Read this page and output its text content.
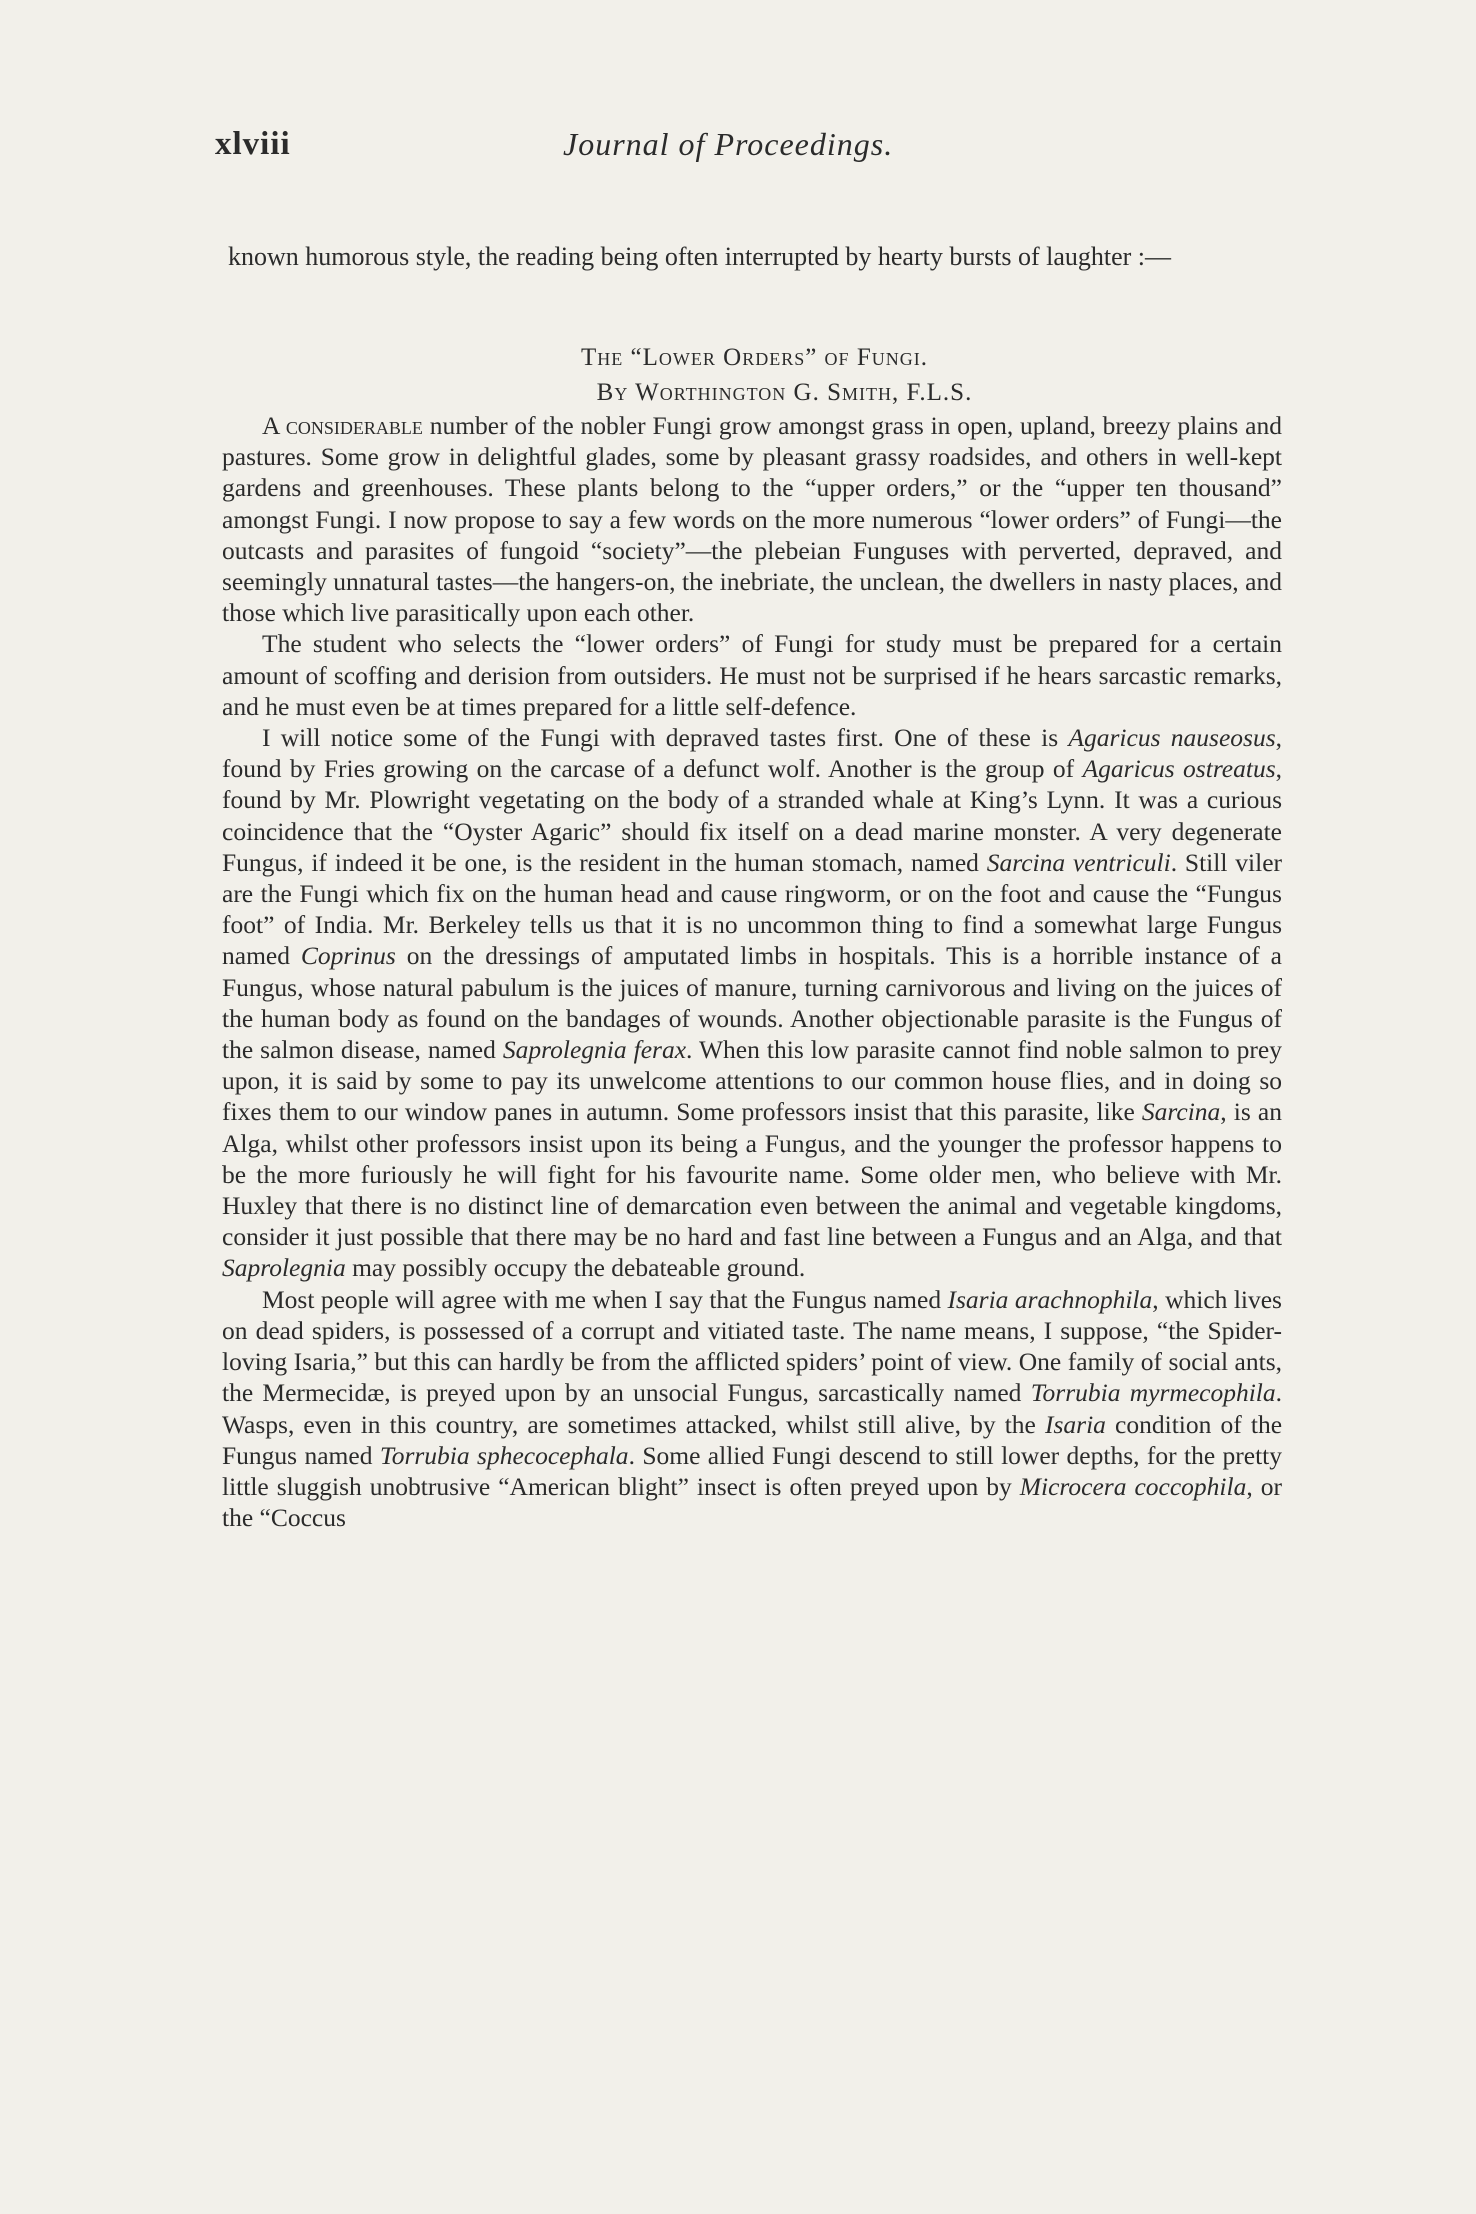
xlviii	Journal of Proceedings.
known humorous style, the reading being often interrupted by hearty bursts of laughter :—
The “Lower Orders” of Fungi.
By Worthington G. Smith, F.L.S.

A considerable number of the nobler Fungi grow amongst grass in open, upland, breezy plains and pastures. Some grow in delightful glades, some by pleasant grassy roadsides, and others in well-kept gardens and greenhouses. These plants belong to the “upper orders,” or the “upper ten thousand” amongst Fungi. I now propose to say a few words on the more numerous “lower orders” of Fungi—the outcasts and parasites of fungoid “society”—the plebeian Funguses with perverted, depraved, and seemingly unnatural tastes—the hangers-on, the inebriate, the unclean, the dwellers in nasty places, and those which live parasitically upon each other.

The student who selects the “lower orders” of Fungi for study must be prepared for a certain amount of scoffing and derision from outsiders. He must not be surprised if he hears sarcastic remarks, and he must even be at times prepared for a little self-defence.

I will notice some of the Fungi with depraved tastes first. One of these is Agaricus nauseosus, found by Fries growing on the carcase of a defunct wolf. Another is the group of Agaricus ostreatus, found by Mr. Plowright vegetating on the body of a stranded whale at King’s Lynn. It was a curious coincidence that the “Oyster Agaric” should fix itself on a dead marine monster. A very degenerate Fungus, if indeed it be one, is the resident in the human stomach, named Sarcina ventriculi. Still viler are the Fungi which fix on the human head and cause ringworm, or on the foot and cause the “Fungus foot” of India. Mr. Berkeley tells us that it is no uncommon thing to find a somewhat large Fungus named Coprinus on the dressings of amputated limbs in hospitals. This is a horrible instance of a Fungus, whose natural pabulum is the juices of manure, turning carnivorous and living on the juices of the human body as found on the bandages of wounds. Another objectionable parasite is the Fungus of the salmon disease, named Saprolegnia ferax. When this low parasite cannot find noble salmon to prey upon, it is said by some to pay its unwelcome attentions to our common house flies, and in doing so fixes them to our window panes in autumn. Some professors insist that this parasite, like Sarcina, is an Alga, whilst other professors insist upon its being a Fungus, and the younger the professor happens to be the more furiously he will fight for his favourite name. Some older men, who believe with Mr. Huxley that there is no distinct line of demarcation even between the animal and vegetable kingdoms, consider it just possible that there may be no hard and fast line between a Fungus and an Alga, and that Saprolegnia may possibly occupy the debateable ground.

Most people will agree with me when I say that the Fungus named Isaria arachnophila, which lives on dead spiders, is possessed of a corrupt and vitiated taste. The name means, I suppose, “the Spider-loving Isaria,” but this can hardly be from the afflicted spiders’ point of view. One family of social ants, the Mermecidæ, is preyed upon by an unsocial Fungus, sarcastically named Torrubia myrmecophila. Wasps, even in this country, are sometimes attacked, whilst still alive, by the Isaria condition of the Fungus named Torrubia sphecocephala. Some allied Fungi descend to still lower depths, for the pretty little sluggish unobtrusive “American blight” insect is often preyed upon by Microcera coccophila, or the “Coccus
